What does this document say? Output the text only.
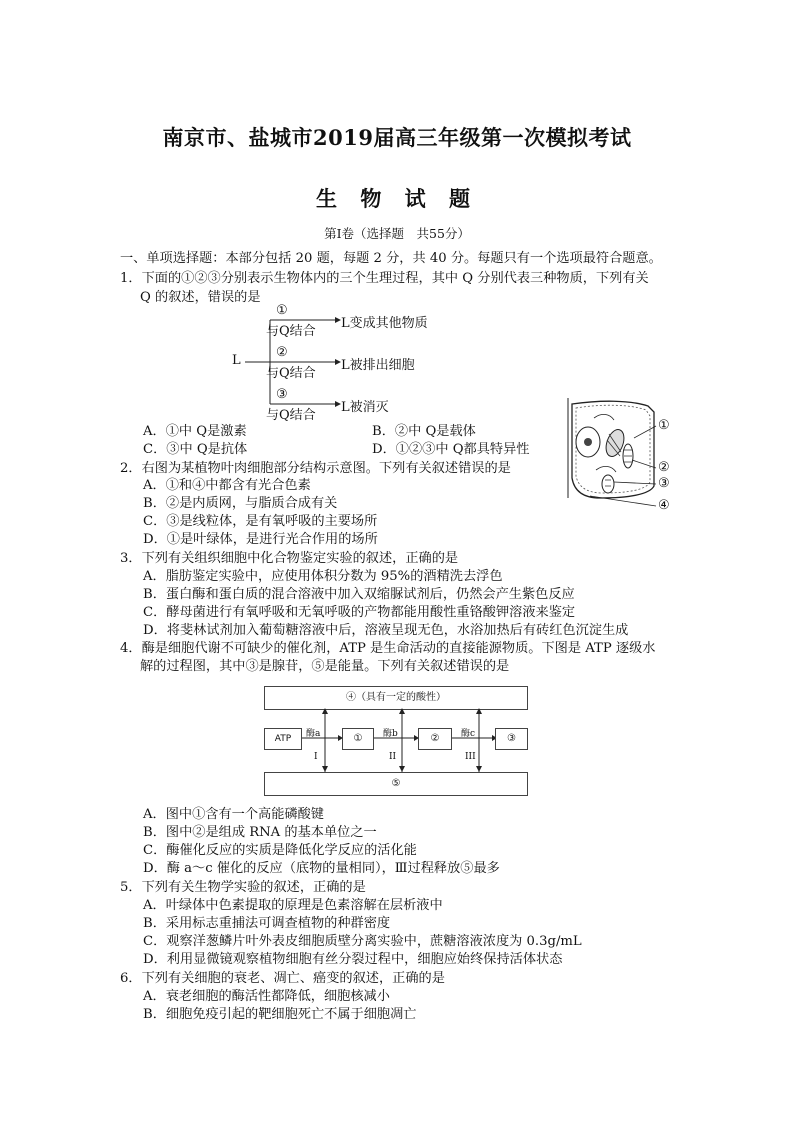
南京市、盐城市2019届高三年级第一次模拟考试
生 物 试 题
第Ⅰ卷（选择题　共55分）
一、单项选择题：本部分包括 20 题，每题 2 分，共 40 分。每题只有一个选项最符合题意。
1．下面的①②③分别表示生物体内的三个生理过程，其中 Q 分别代表三种物质，下列有关
Q 的叙述，错误的是
L
①
与Q结合
L变成其他物质
②
与Q结合
L被排出细胞
③
与Q结合
L被消灭
A．①中 Q是激素	B．②中 Q是载体
C．③中 Q是抗体	D．①②③中 Q都具特异性
①
②
③
④
2．右图为某植物叶肉细胞部分结构示意图。下列有关叙述错误的是
A．①和④中都含有光合色素
B．②是内质网，与脂质合成有关
C．③是线粒体，是有氧呼吸的主要场所
D．①是叶绿体，是进行光合作用的场所
3．下列有关组织细胞中化合物鉴定实验的叙述，正确的是
A．脂肪鉴定实验中，应使用体积分数为 95%的酒精洗去浮色
B．蛋白酶和蛋白质的混合溶液中加入双缩脲试剂后，仍然会产生紫色反应
C．酵母菌进行有氧呼吸和无氧呼吸的产物都能用酸性重铬酸钾溶液来鉴定
D．将斐林试剂加入葡萄糖溶液中后，溶液呈现无色，水浴加热后有砖红色沉淀生成
4．酶是细胞代谢不可缺少的催化剂，ATP 是生命活动的直接能源物质。下图是 ATP 逐级水
解的过程图，其中③是腺苷，⑤是能量。下列有关叙述错误的是
④（具有一定的酸性）
⑤
ATP	①	②	③
酶a	酶b	酶c
I	II	III
A．图中①含有一个高能磷酸键
B．图中②是组成 RNA 的基本单位之一
C．酶催化反应的实质是降低化学反应的活化能
D．酶 a～c 催化的反应（底物的量相同），Ⅲ过程释放⑤最多
5．下列有关生物学实验的叙述，正确的是
A．叶绿体中色素提取的原理是色素溶解在层析液中
B．采用标志重捕法可调查植物的种群密度
C．观察洋葱鳞片叶外表皮细胞质壁分离实验中，蔗糖溶液浓度为 0.3g/mL
D．利用显微镜观察植物细胞有丝分裂过程中，细胞应始终保持活体状态
6．下列有关细胞的衰老、凋亡、癌变的叙述，正确的是
A．衰老细胞的酶活性都降低，细胞核减小
B．细胞免疫引起的靶细胞死亡不属于细胞凋亡
